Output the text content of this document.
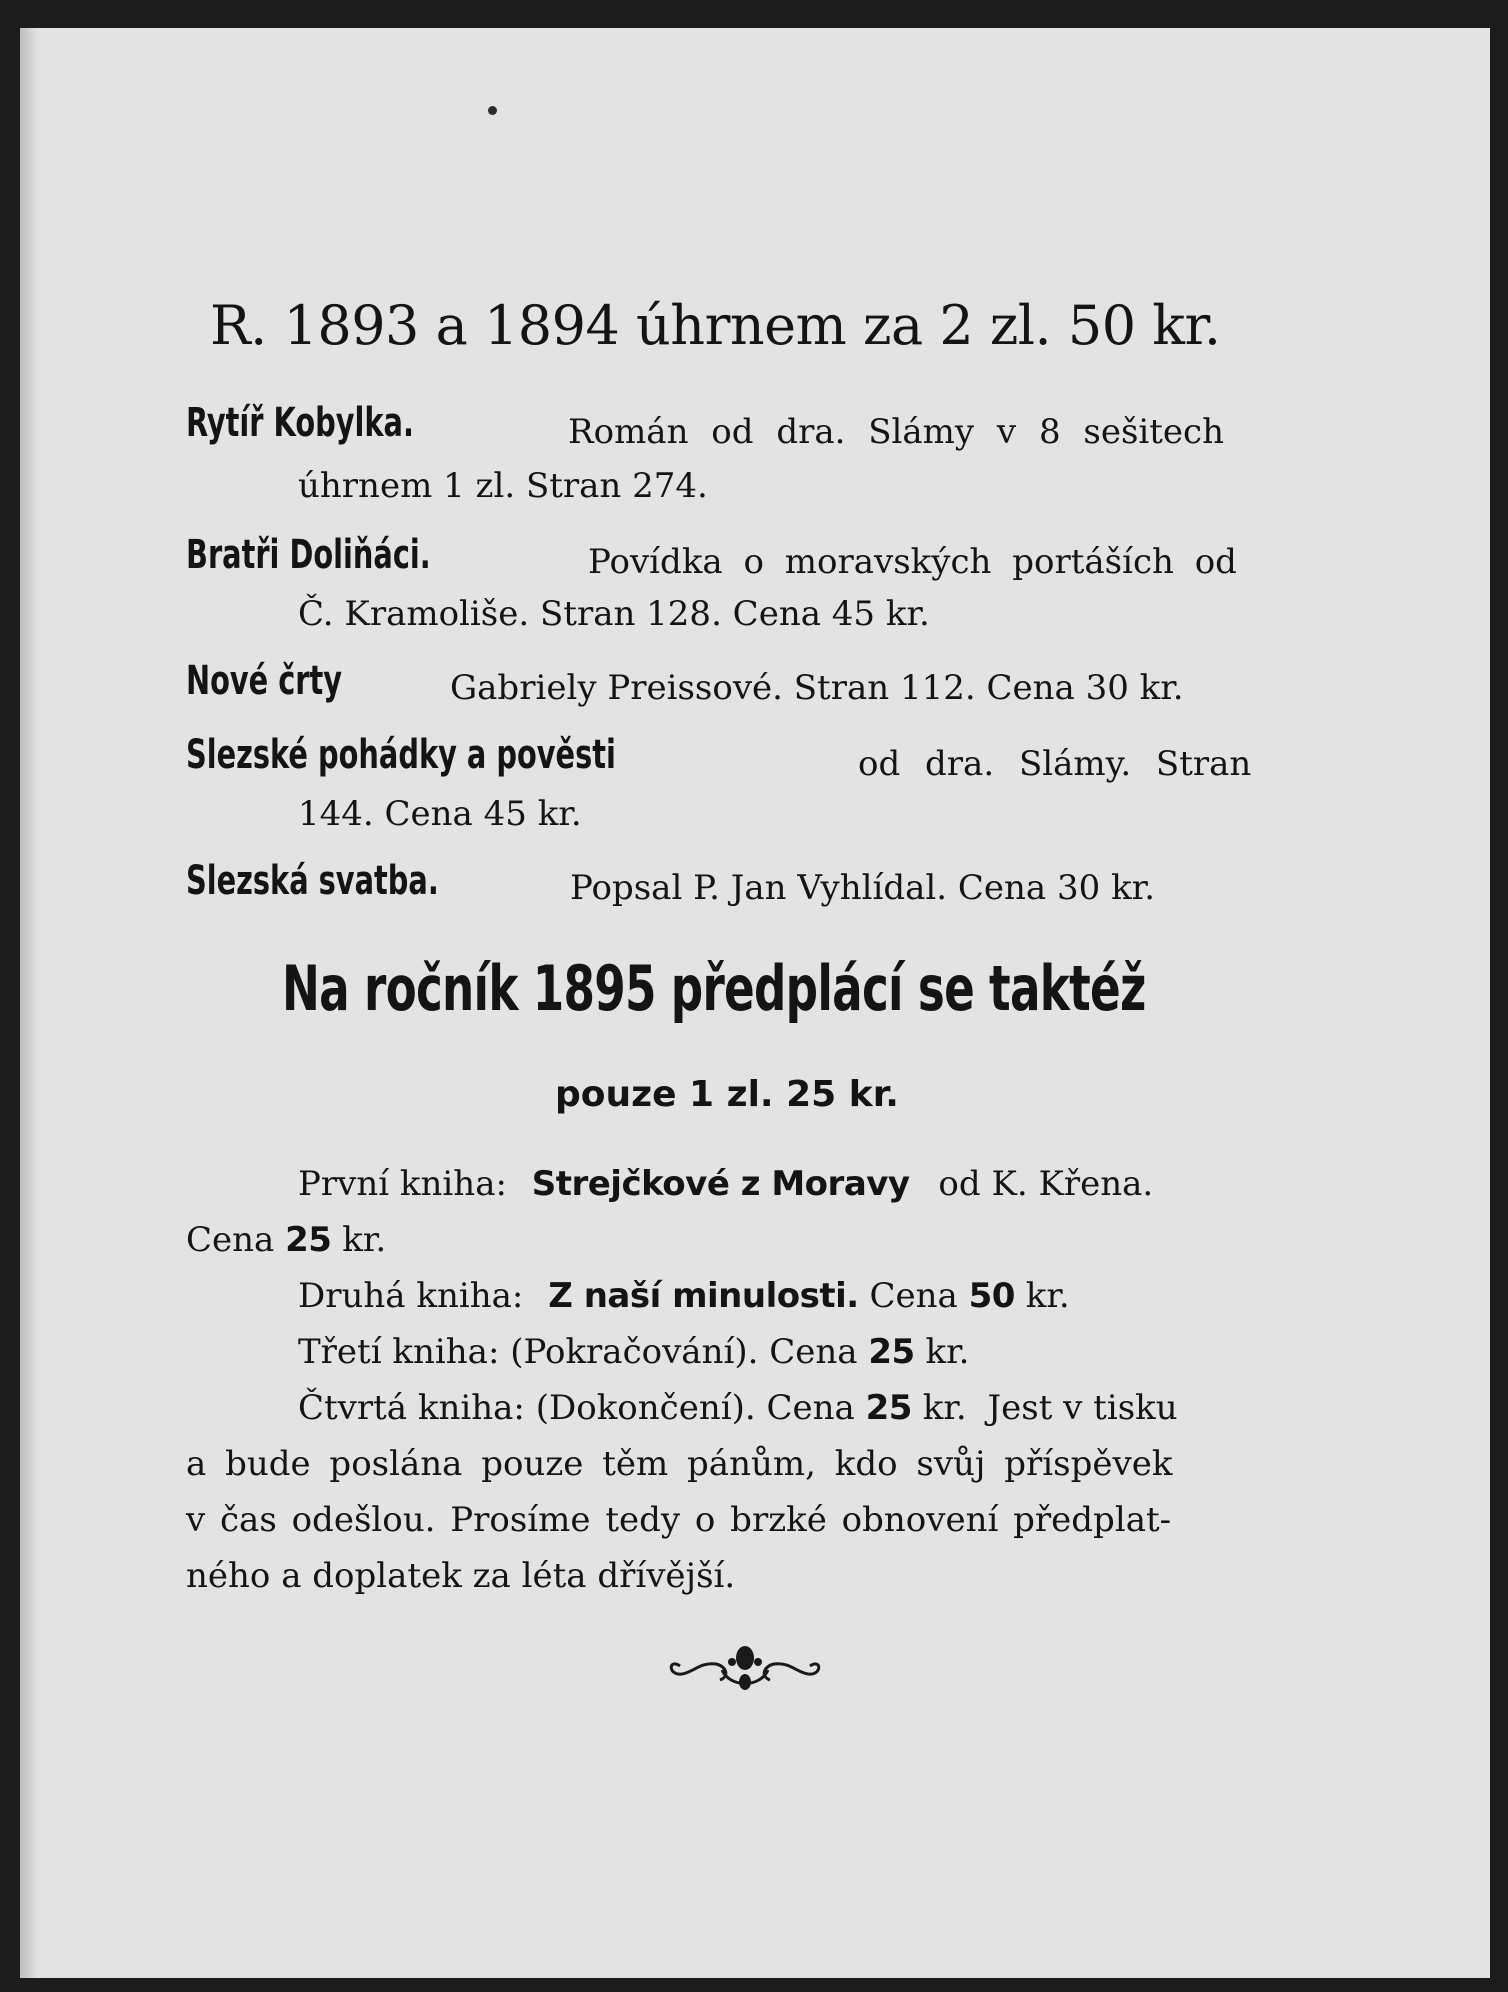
R. 1893 a 1894 úhrnem za 2 zl. 50 kr.
Rytíř Kobylka.	Román od dra. Slámy v 8 sešitech
úhrnem 1 zl. Stran 274.
Bratři Doliňáci.	Povídka o moravských portáších od
Č. Kramoliše. Stran 128. Cena 45 kr.
Nové črty	Gabriely Preissové. Stran 112. Cena 30 kr.
Slezské pohádky a pověsti	od dra. Slámy. Stran
144. Cena 45 kr.
Slezská svatba.	Popsal P. Jan Vyhlídal. Cena 30 kr.
Na ročník 1895 předplácí se taktéž
pouze 1 zl. 25 kr.
První kniha: Strejčkové z Moravy od K. Křena.
Cena 25 kr.
Druhá kniha: Z naší minulosti. Cena 50 kr.
Třetí kniha: (Pokračování). Cena 25 kr.
Čtvrtá kniha: (Dokončení). Cena 25 kr. Jest v tisku
a bude poslána pouze těm pánům, kdo svůj příspěvek
v čas odešlou. Prosíme tedy o brzké obnovení předplat-
ného a doplatek za léta dřívější.
